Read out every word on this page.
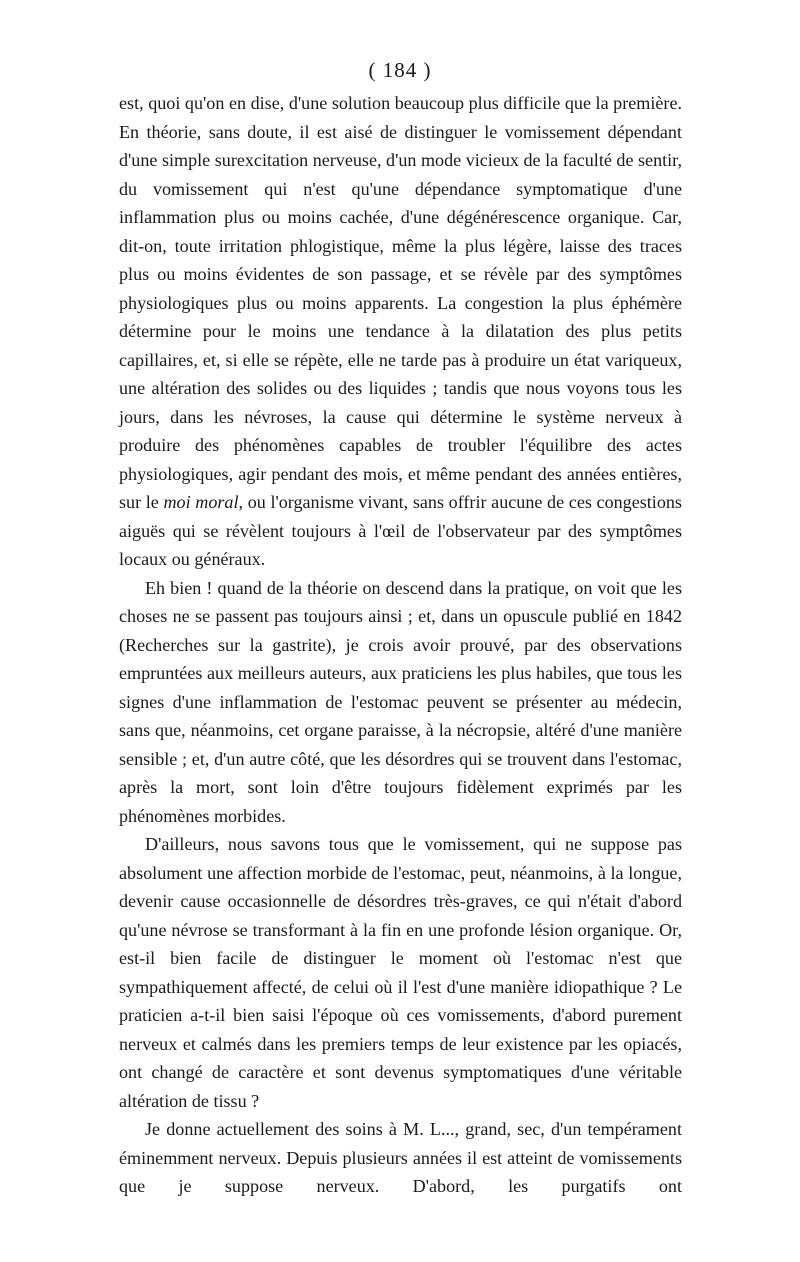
( 184 )

est, quoi qu'on en dise, d'une solution beaucoup plus difficile que la première. En théorie, sans doute, il est aisé de distinguer le vomissement dépendant d'une simple surexcitation nerveuse, d'un mode vicieux de la faculté de sentir, du vomissement qui n'est qu'une dépendance symptomatique d'une inflammation plus ou moins cachée, d'une dégénérescence organique. Car, dit-on, toute irritation phlogistique, même la plus légère, laisse des traces plus ou moins évidentes de son passage, et se révèle par des symptômes physiologiques plus ou moins apparents. La congestion la plus éphémère détermine pour le moins une tendance à la dilatation des plus petits capillaires, et, si elle se répète, elle ne tarde pas à produire un état variqueux, une altération des solides ou des liquides ; tandis que nous voyons tous les jours, dans les névroses, la cause qui détermine le système nerveux à produire des phénomènes capables de troubler l'équilibre des actes physiologiques, agir pendant des mois, et même pendant des années entières, sur le moi moral, ou l'organisme vivant, sans offrir aucune de ces congestions aiguës qui se révèlent toujours à l'œil de l'observateur par des symptômes locaux ou généraux.

Eh bien ! quand de la théorie on descend dans la pratique, on voit que les choses ne se passent pas toujours ainsi ; et, dans un opuscule publié en 1842 (Recherches sur la gastrite), je crois avoir prouvé, par des observations empruntées aux meilleurs auteurs, aux praticiens les plus habiles, que tous les signes d'une inflammation de l'estomac peuvent se présenter au médecin, sans que, néanmoins, cet organe paraisse, à la nécropsie, altéré d'une manière sensible ; et, d'un autre côté, que les désordres qui se trouvent dans l'estomac, après la mort, sont loin d'être toujours fidèlement exprimés par les phénomènes morbides.

D'ailleurs, nous savons tous que le vomissement, qui ne suppose pas absolument une affection morbide de l'estomac, peut, néanmoins, à la longue, devenir cause occasionnelle de désordres très-graves, ce qui n'était d'abord qu'une névrose se transformant à la fin en une profonde lésion organique. Or, est-il bien facile de distinguer le moment où l'estomac n'est que sympathiquement affecté, de celui où il l'est d'une manière idiopathique ? Le praticien a-t-il bien saisi l'époque où ces vomissements, d'abord purement nerveux et calmés dans les premiers temps de leur existence par les opiacés, ont changé de caractère et sont devenus symptomatiques d'une véritable altération de tissu ?

Je donne actuellement des soins à M. L..., grand, sec, d'un tempérament éminemment nerveux. Depuis plusieurs années il est atteint de vomissements que je suppose nerveux. D'abord, les purgatifs ont
